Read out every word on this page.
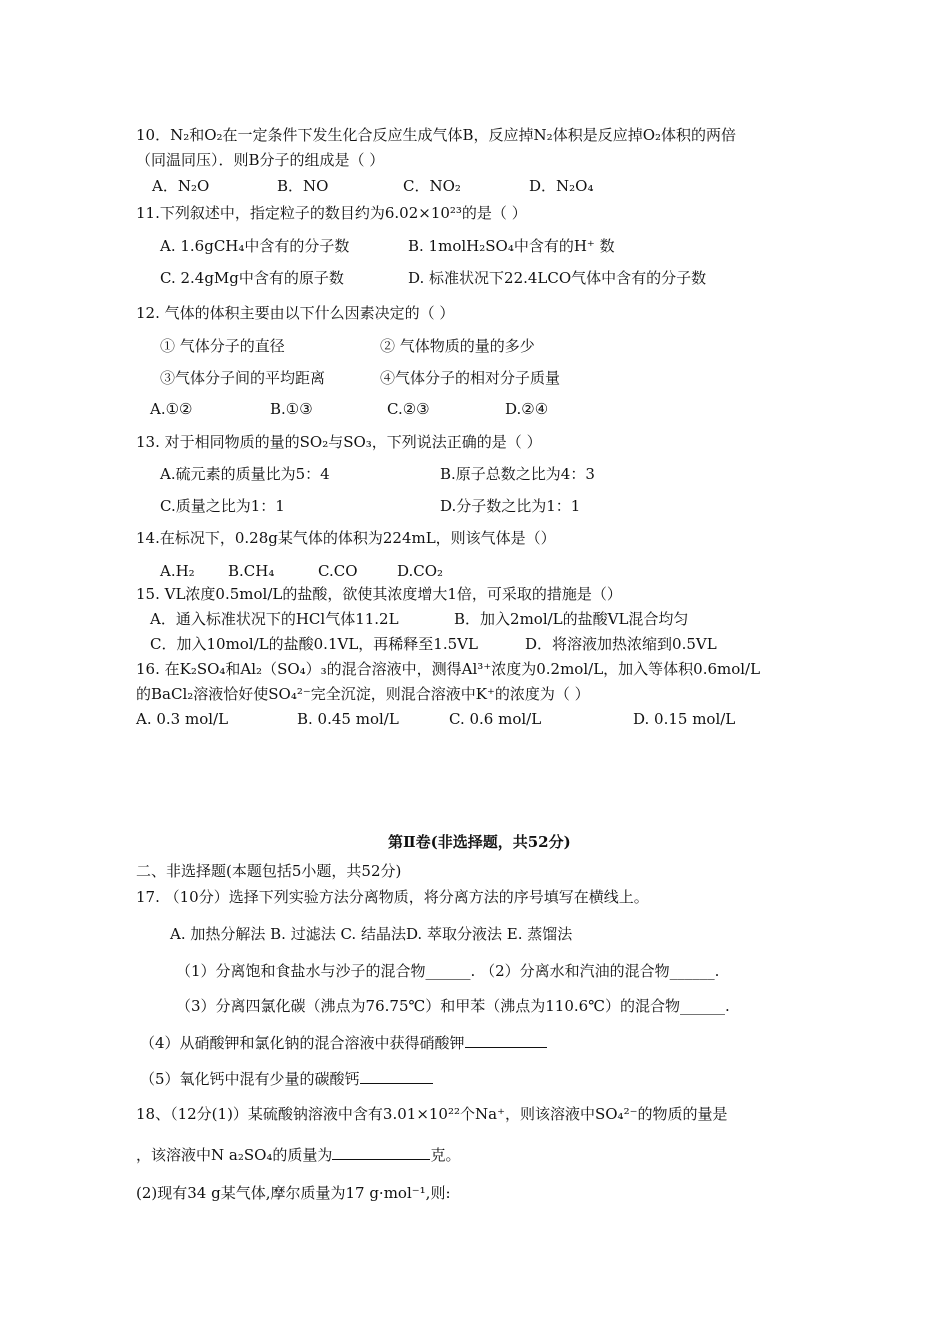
10．N₂和O₂在一定条件下发生化合反应生成气体B，反应掉N₂体积是反应掉O₂体积的两倍
（同温同压）．则B分子的组成是（ ）
A．N₂O	B．NO	C．NO₂	D．N₂O₄
11.下列叙述中，指定粒子的数目约为6.02×10²³的是（ ）
A. 1.6gCH₄中含有的分子数	B. 1molH₂SO₄中含有的H⁺ 数
C. 2.4gMg中含有的原子数	D. 标准状况下22.4LCO气体中含有的分子数
12. 气体的体积主要由以下什么因素决定的（ ）
① 气体分子的直径	② 气体物质的量的多少
③气体分子间的平均距离	④气体分子的相对分子质量
A.①②	B.①③	C.②③	D.②④
13. 对于相同物质的量的SO₂与SO₃，下列说法正确的是（ ）
A.硫元素的质量比为5：4	B.原子总数之比为4：3
C.质量之比为1：1	D.分子数之比为1：1
14.在标况下，0.28g某气体的体积为224mL，则该气体是（）
A.H₂ B.CH₄	C.CO	D.CO₂
15. VL浓度0.5mol/L的盐酸，欲使其浓度增大1倍，可采取的措施是（）
A．通入标准状况下的HCl气体11.2L	B．加入2mol/L的盐酸VL混合均匀
C．加入10mol/L的盐酸0.1VL，再稀释至1.5VL	D．将溶液加热浓缩到0.5VL
16. 在K₂SO₄和Al₂（SO₄）₃的混合溶液中，测得Al³⁺浓度为0.2mol/L，加入等体积0.6mol/L
的BaCl₂溶液恰好使SO₄²⁻完全沉淀，则混合溶液中K⁺的浓度为（ ）
A. 0.3 mol/L	B. 0.45 mol/L	C. 0.6 mol/L	D. 0.15 mol/L
第Ⅱ卷(非选择题，共52分)
二、非选择题(本题包括5小题，共52分)
17. （10分）选择下列实验方法分离物质，将分离方法的序号填写在横线上。
A. 加热分解法 B. 过滤法 C. 结晶法D. 萃取分液法 E. 蒸馏法
（1）分离饱和食盐水与沙子的混合物______. （2）分离水和汽油的混合物______.
（3）分离四氯化碳（沸点为76.75℃）和甲苯（沸点为110.6℃）的混合物______.
（4）从硝酸钾和氯化钠的混合溶液中获得硝酸钾
（5）氧化钙中混有少量的碳酸钙
18、（12分(1)）某硫酸钠溶液中含有3.01×10²²个Na⁺，则该溶液中SO₄²⁻的物质的量是
，该溶液中N a₂SO₄的质量为	克。
(2)现有34 g某气体,摩尔质量为17 g·mol⁻¹,则:
